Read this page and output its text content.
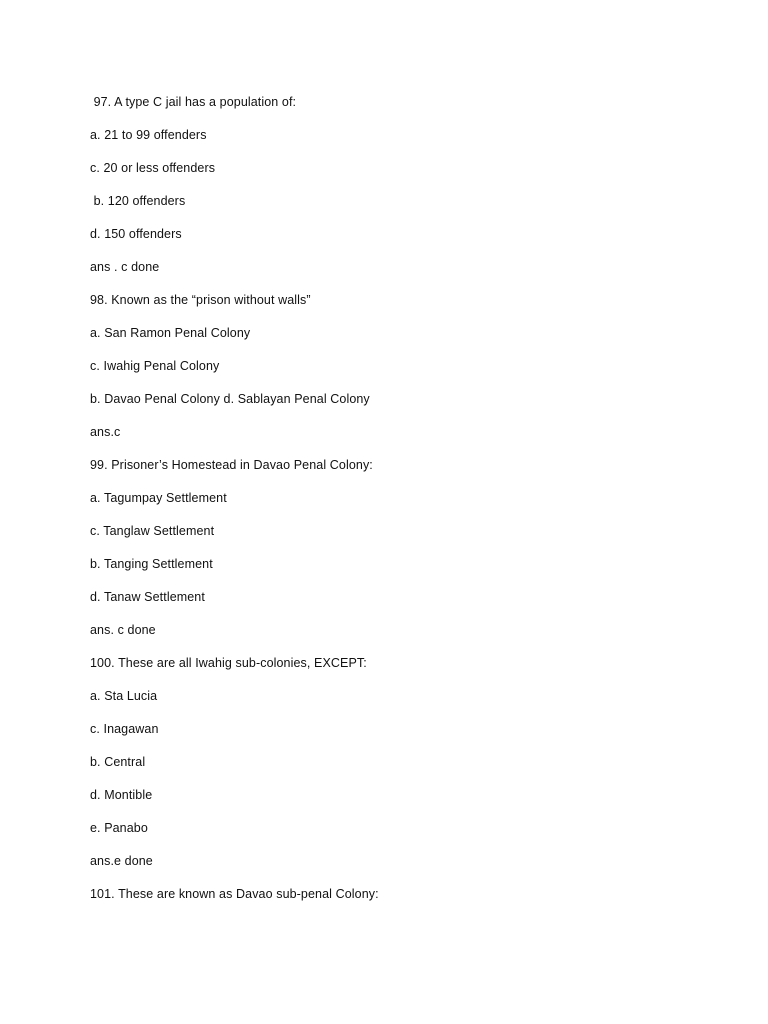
97. A type C jail has a population of:
a. 21 to 99 offenders
c. 20 or less offenders
b. 120 offenders
d. 150 offenders
ans . c done
98. Known as the “prison without walls”
a. San Ramon Penal Colony
c. Iwahig Penal Colony
b. Davao Penal Colony d. Sablayan Penal Colony
ans.c
99. Prisoner’s Homestead in Davao Penal Colony:
a. Tagumpay Settlement
c. Tanglaw Settlement
b. Tanging Settlement
d. Tanaw Settlement
ans. c done
100. These are all Iwahig sub-colonies, EXCEPT:
a. Sta Lucia
c. Inagawan
b. Central
d. Montible
e. Panabo
ans.e done
101. These are known as Davao sub-penal Colony:
